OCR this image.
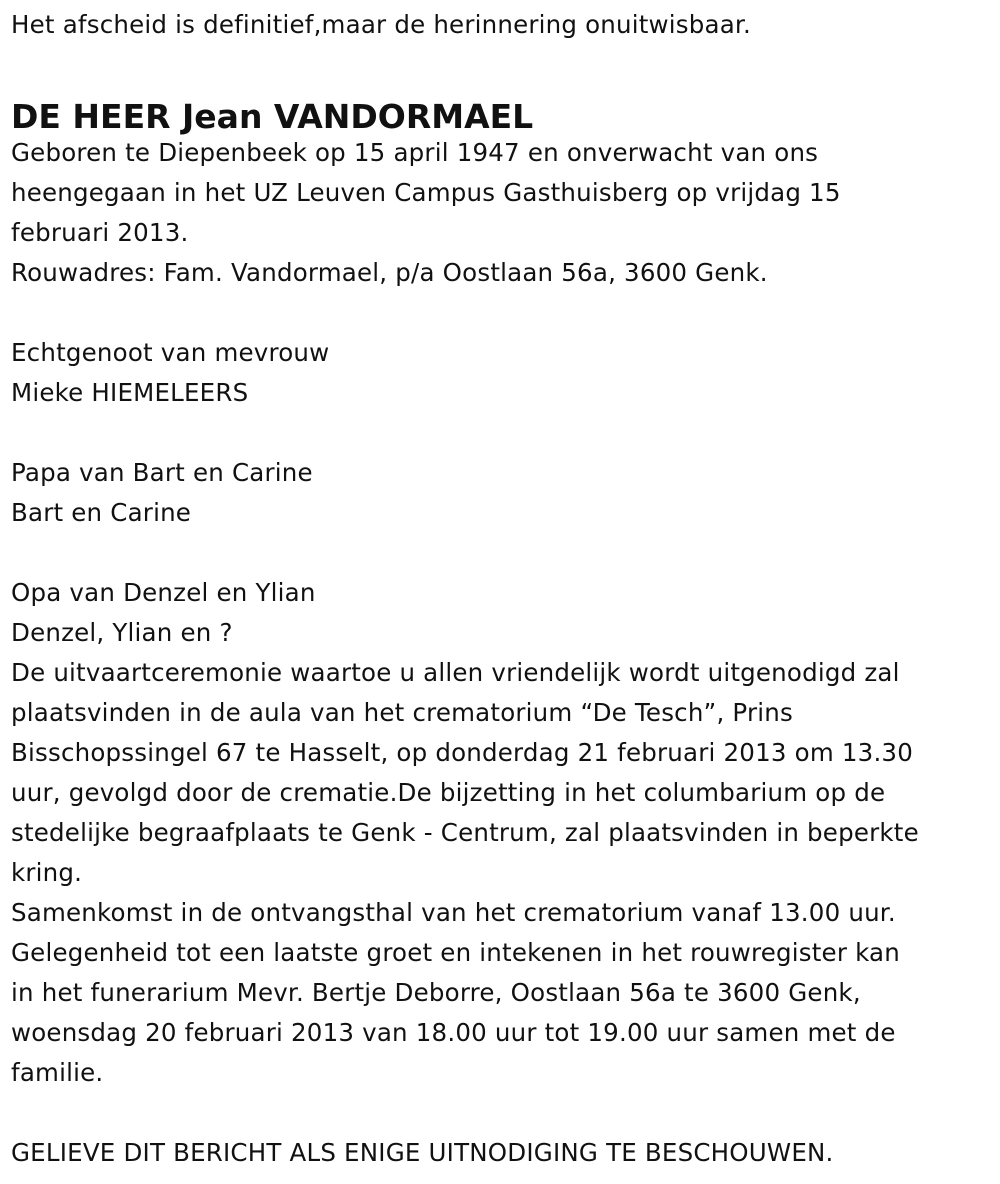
Het afscheid is definitief,maar de herinnering onuitwisbaar.
DE HEER Jean VANDORMAEL
Geboren te Diepenbeek op 15 april 1947 en onverwacht van ons
heengegaan in het UZ Leuven Campus Gasthuisberg op vrijdag 15
februari 2013.
Rouwadres: Fam. Vandormael, p/a Oostlaan 56a, 3600 Genk.
Echtgenoot van mevrouw
Mieke HIEMELEERS
Papa van Bart en Carine
Bart en Carine
Opa van Denzel en Ylian
Denzel, Ylian en ?
De uitvaartceremonie waartoe u allen vriendelijk wordt uitgenodigd zal
plaatsvinden in de aula van het crematorium “De Tesch”, Prins
Bisschopssingel 67 te Hasselt, op donderdag 21 februari 2013 om 13.30
uur, gevolgd door de crematie.De bijzetting in het columbarium op de
stedelijke begraafplaats te Genk - Centrum, zal plaatsvinden in beperkte
kring.
Samenkomst in de ontvangsthal van het crematorium vanaf 13.00 uur.
Gelegenheid tot een laatste groet en intekenen in het rouwregister kan
in het funerarium Mevr. Bertje Deborre, Oostlaan 56a te 3600 Genk,
woensdag 20 februari 2013 van 18.00 uur tot 19.00 uur samen met de
familie.
GELIEVE DIT BERICHT ALS ENIGE UITNODIGING TE BESCHOUWEN.
